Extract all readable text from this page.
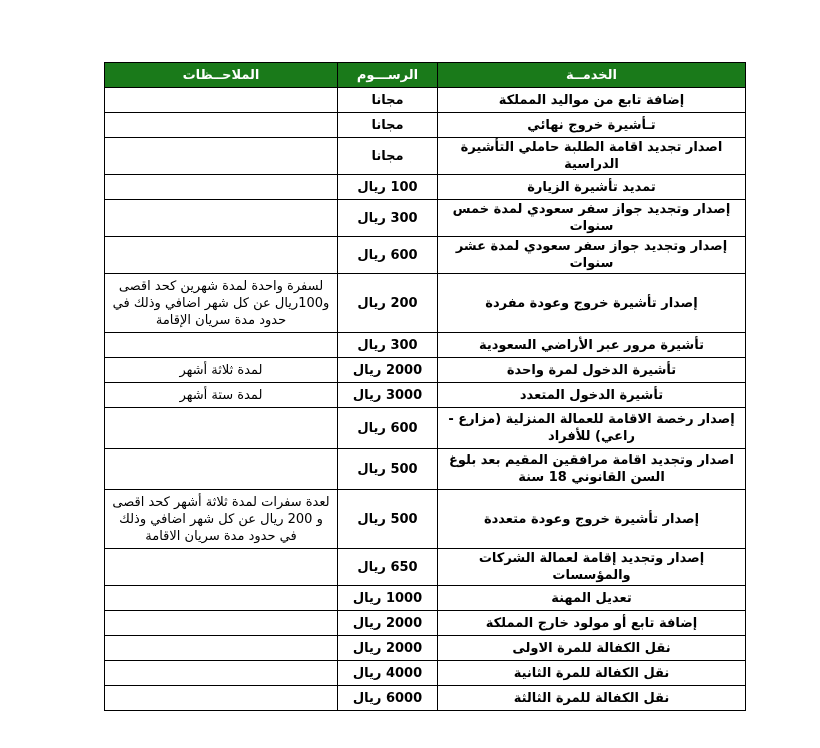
الخدمــة	الرســـوم	الملاحــظات
إضافة تابع من مواليد المملكة	مجانا	
تـأشيرة خروج نهائي	مجانا	
اصدار تجديد اقامة الطلبة حاملي التأشيرة الدراسية	مجانا	
تمديد تأشيرة الزيارة	100 ريال	
إصدار وتجديد جواز سفر سعودي لمدة خمس سنوات	300 ريال	
إصدار وتجديد جواز سفر سعودي لمدة عشر سنوات	600 ريال	
إصدار تأشيرة خروج وعودة مفردة	200 ريال	لسفرة واحدة لمدة شهرين كحد اقصى و100ريال عن كل شهر اضافي وذلك في حدود مدة سريان الإقامة
تأشيرة مرور عبر الأراضي السعودية	300 ريال	
تأشيرة الدخول لمرة واحدة	2000 ريال	لمدة ثلاثة أشهر
تأشيرة الدخول المتعدد	3000 ريال	لمدة ستة أشهر
إصدار رخصة الاقامة للعمالة المنزلية (مزارع - راعي) للأفراد	600 ريال	
اصدار وتجديد اقامة مرافقين المقيم بعد بلوغ السن القانوني 18 سنة	500 ريال	
إصدار تأشيرة خروج وعودة متعددة	500 ريال	لعدة سفرات لمدة ثلاثة أشهر كحد اقصى و 200 ريال عن كل شهر اضافي وذلك في حدود مدة سريان الاقامة
إصدار وتجديد إقامة لعمالة الشركات والمؤسسات	650 ريال	
تعديل المهنة	1000 ريال	
إضافة تابع أو مولود خارج المملكة	2000 ريال	
نقل الكفالة للمرة الاولى	2000 ريال	
نقل الكفالة للمرة الثانية	4000 ريال	
نقل الكفالة للمرة الثالثة	6000 ريال	
